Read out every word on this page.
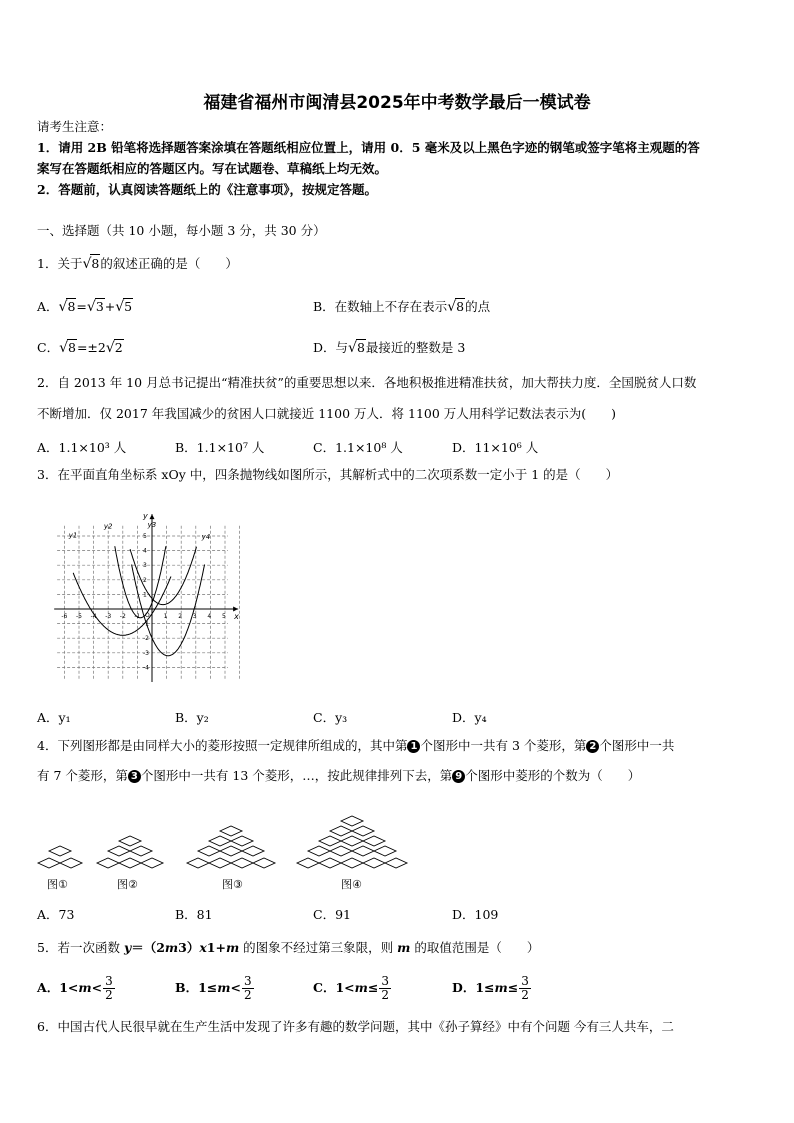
福建省福州市闽清县2025年中考数学最后一模试卷
请考生注意：
1．请用 2B 铅笔将选择题答案涂填在答题纸相应位置上，请用 0．5 毫米及以上黑色字迹的钢笔或签字笔将主观题的答
案写在答题纸相应的答题区内。写在试题卷、草稿纸上均无效。
2．答题前，认真阅读答题纸上的《注意事项》，按规定答题。
一、选择题（共 10 小题，每小题 3 分，共 30 分）
1．关于√8的叙述正确的是（　　）
A．√8=√3+√5	B．在数轴上不存在表示√8的点
C．√8=±2√2	D．与√8最接近的整数是 3
2．自 2013 年 10 月总书记提出“精准扶贫”的重要思想以来．各地积极推进精准扶贫，加大帮扶力度．全国脱贫人口数
不断增加．仅 2017 年我国减少的贫困人口就接近 1100 万人．将 1100 万人用科学记数法表示为(　　)
A．1.1×10³ 人	B．1.1×10⁷ 人	C．1.1×10⁸ 人	D．11×10⁶ 人
3．在平面直角坐标系 xOy 中，四条抛物线如图所示，其解析式中的二次项系数一定小于 1 的是（　　）
-6 -5 -4 -3 -2 -1	1 2 3 4 5
5
4
3
2
1
-1
-2
-3
-4
x
y
O
y1
y2	y3
y4
A．y₁	B．y₂	C．y₃	D．y₄
4．下列图形都是由同样大小的菱形按照一定规律所组成的，其中第 1 个图形中一共有 3 个菱形，第 2 个图形中一共
有 7 个菱形，第 3 个图形中一共有 13 个菱形，…，按此规律排列下去，第 9 个图形中菱形的个数为（　　）
图①	图②	图③	图④
A．73	B．81	C．91	D．109
5．若一次函数 y＝（2m3）x1+m 的图象不经过第三象限，则 m 的取值范围是（　　）
A．$1<m< \frac{3}{2}$	B．$1\le m< \frac{3}{2}$	C．$1<m\le \frac{3}{2}$	D．$1\le m\le \frac{3}{2}$
6．中国古代人民很早就在生产生活中发现了许多有趣的数学问题，其中《孙子算经》中有个问题 今有三人共车，二
